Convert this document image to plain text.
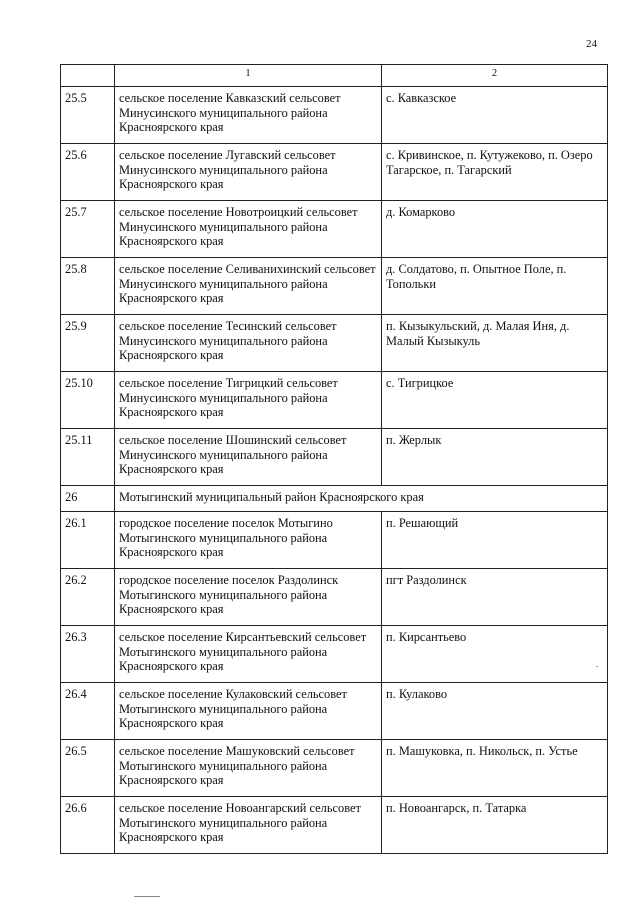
24
	1	2
25.5	сельское поселение Кавказский сельсовет Минусинского муниципального района Красноярского края	с. Кавказское
25.6	сельское поселение Лугавский сельсовет Минусинского муниципального района Красноярского края	с. Кривинское, п. Кутужеково, п. Озеро Тагарское, п. Тагарский
25.7	сельское поселение Новотроицкий сельсовет Минусинского муниципального района Красноярского края	д. Комарково
25.8	сельское поселение Селиванихинский сельсовет Минусинского муниципального района Красноярского края	д. Солдатово, п. Опытное Поле, п. Топольки
25.9	сельское поселение Тесинский сельсовет Минусинского муниципального района Красноярского края	п. Кызыкульский, д. Малая Иня, д. Малый Кызыкуль
25.10	сельское поселение Тигрицкий сельсовет Минусинского муниципального района Красноярского края	с. Тигрицкое
25.11	сельское поселение Шошинский сельсовет Минусинского муниципального района Красноярского края	п. Жерлык
26	Мотыгинский муниципальный район Красноярского края	
26.1	городское поселение поселок Мотыгино Мотыгинского муниципального района Красноярского края	п. Решающий
26.2	городское поселение поселок Раздолинск Мотыгинского муниципального района Красноярского края	пгт Раздолинск
26.3	сельское поселение Кирсантьевский сельсовет Мотыгинского муниципального района Красноярского края	п. Кирсантьево
26.4	сельское поселение Кулаковский сельсовет Мотыгинского муниципального района Красноярского края	п. Кулаково
26.5	сельское поселение Машуковский сельсовет Мотыгинского муниципального района Красноярского края	п. Машуковка, п. Никольск, п. Устье
26.6	сельское поселение Новоангарский сельсовет Мотыгинского муниципального района Красноярского края	п. Новоангарск, п. Татарка
